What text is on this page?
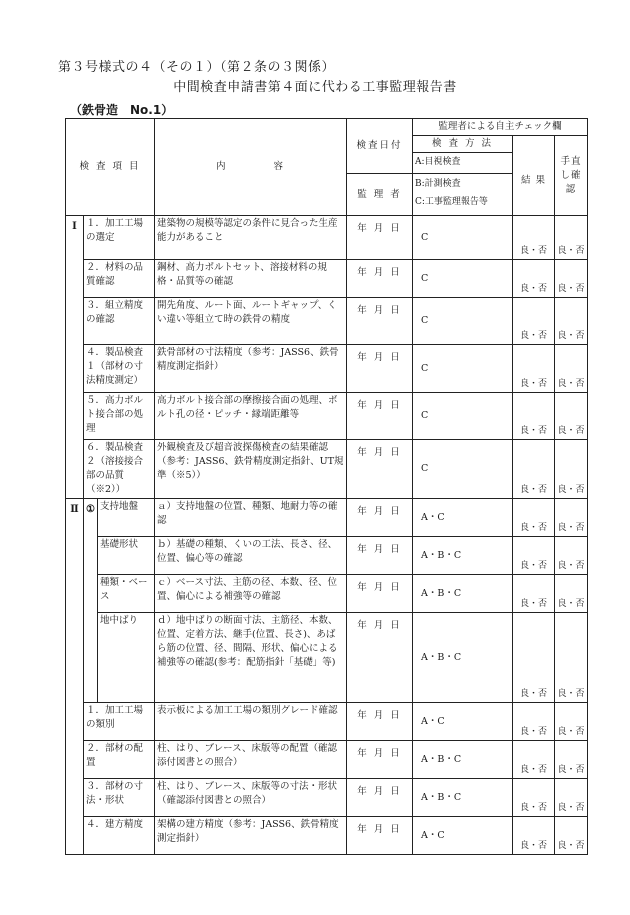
第３号様式の４（その１）（第２条の３関係）
中間検査申請書第４面に代わる工事監理報告書
（鉄骨造　No.1）
検 査 項 目			内　　　　容	検査日付	監理者による自主チェック欄		

					検 査 方 法
A:目視検査	結 果	手直し確 認

				監 理 者	B:計測検査
C:工事監理報告等		

Ⅰ	１．加工工場の選定		建築物の規模等認定の条件に見合った生産能力があること	年 月 日	C	良・否	良・否
	２．材料の品質確認		鋼材、高力ボルトセット、溶接材料の規格・品質等の確認	年 月 日	C	良・否	良・否
	３．組立精度の確認		開先角度、ルート面、ルートギャップ、くい違い等組立て時の鉄骨の精度	年 月 日	C	良・否	良・否
	４．製品検査１（部材の寸法精度測定）		鉄骨部材の寸法精度（参考：JASS6、鉄骨精度測定指針）	年 月 日	C	良・否	良・否
	５．高力ボルト接合部の処理		高力ボルト接合部の摩擦接合面の処理、ボルト孔の径・ピッチ・縁端距離等	年 月 日	C	良・否	良・否
	６．製品検査２（溶接接合部の品質（※2））		外観検査及び超音波探傷検査の結果確認（参考：JASS6、鉄骨精度測定指針、UT規準（※5））	年 月 日	C	良・否	良・否
Ⅱ	①	支持地盤	ａ）支持地盤の位置、種類、地耐力等の確認	年 月 日	A・C	良・否	良・否
		基礎形状	ｂ）基礎の種類、くいの工法、長さ、径、位置、偏心等の確認	年 月 日	A・B・C	良・否	良・否
		種類・ベース	ｃ）ベース寸法、主筋の径、本数、径、位置、偏心による補強等の確認	年 月 日	A・B・C	良・否	良・否
		地中ばり	ｄ）地中ばりの断面寸法、主筋径、本数、位置、定着方法、継手(位置、長さ)、あばら筋の位置、径、間隔、形状、偏心による補強等の確認(参考：配筋指針「基礎」等)	年 月 日	A・B・C	良・否	良・否
	１．加工工場の類別		表示板による加工工場の類別グレード確認	年 月 日	A・C	良・否	良・否
	２．部材の配置		柱、はり、ブレース、床版等の配置（確認添付図書との照合）	年 月 日	A・B・C	良・否	良・否
	３．部材の寸法・形状		柱、はり、ブレース、床版等の寸法・形状（確認添付図書との照合）	年 月 日	A・B・C	良・否	良・否
	４．建方精度		架構の建方精度（参考：JASS6、鉄骨精度測定指針）	年 月 日	A・C	良・否	良・否
